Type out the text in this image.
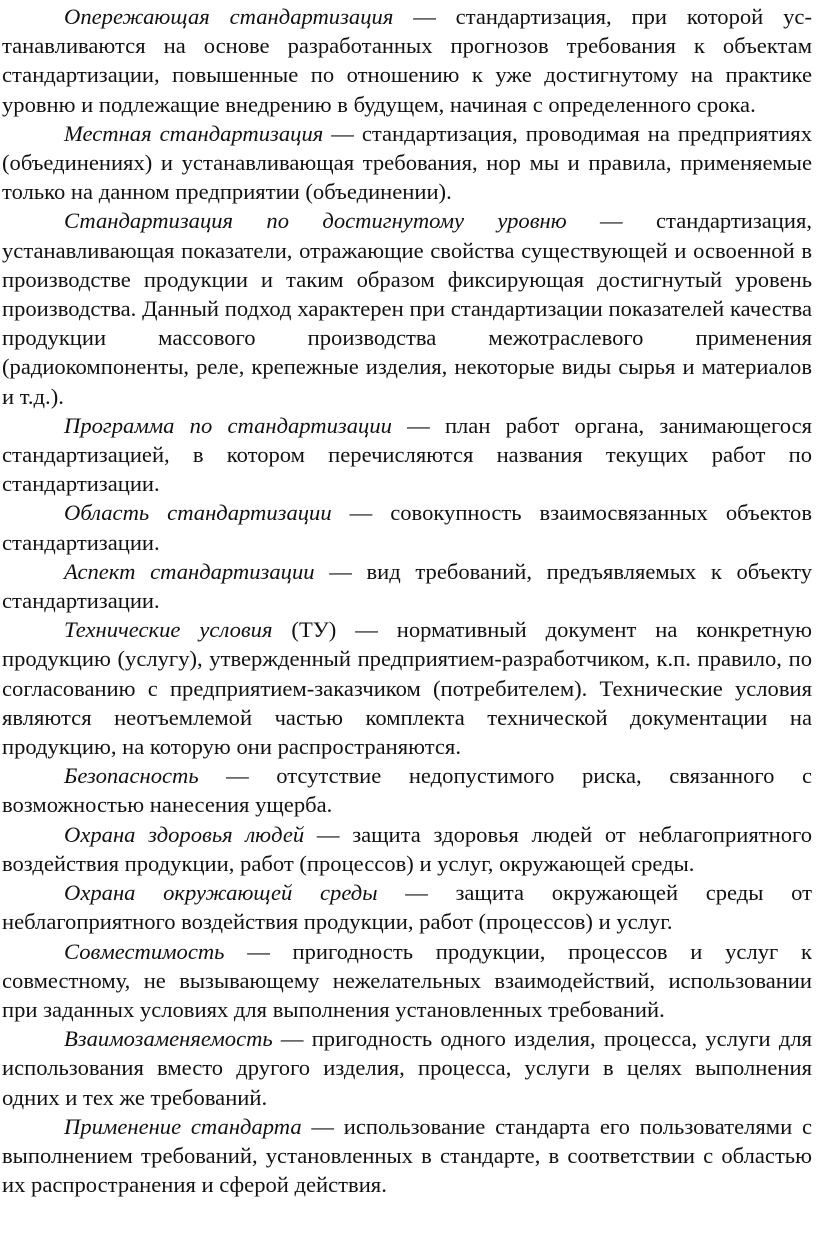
Опережающая стандартизация — стандартизация, при которой устанавливаются на основе разработанных прогнозов требования к объектам стандартизации, повышенные по отношению к уже достигнутому на практике уровню и подлежащие внедрению в будущем, начиная с определенного срока.

Местная стандартизация — стандартизация, проводимая на предприятиях (объединениях) и устанавливающая требования, нор мы и правила, применяемые только на данном предприятии (объединении).

Стандартизация по достигнутому уровню — стандартизация, устанавливающая показатели, отражающие свойства существующей и освоенной в производстве продукции и таким образом фиксирующая достигнутый уровень производства. Данный подход характерен при стандартизации показателей качества продукции массового производства межотраслевого применения (радиокомпоненты, реле, крепежные изделия, некоторые виды сырья и материалов и т.д.).

Программа по стандартизации — план работ органа, занимающегося стандартизацией, в котором перечисляются названия текущих работ по стандартизации.

Область стандартизации — совокупность взаимосвязанных объектов стандартизации.

Аспект стандартизации — вид требований, предъявляемых к объекту стандартизации.

Технические условия (ТУ) — нормативный документ на конкретную продукцию (услугу), утвержденный предприятием-разработчиком, к.п. правило, по согласованию с предприятием-заказчиком (потребителем). Технические условия являются неотъемлемой частью комплекта технической документации на продукцию, на которую они распространяются.

Безопасность — отсутствие недопустимого риска, связанного с возможностью нанесения ущерба.

Охрана здоровья людей — защита здоровья людей от неблагоприятного воздействия продукции, работ (процессов) и услуг, окружающей среды.

Охрана окружающей среды — защита окружающей среды от неблагоприятного воздействия продукции, работ (процессов) и услуг.

Совместимость — пригодность продукции, процессов и услуг к совместному, не вызывающему нежелательных взаимодействий, использовании при заданных условиях для выполнения установленных требований.

Взаимозаменяемость — пригодность одного изделия, процесса, услуги для использования вместо другого изделия, процесса, услуги в целях выполнения одних и тех же требований.

Применение стандарта — использование стандарта его пользователями с выполнением требований, установленных в стандарте, в соответствии с областью их распространения и сферой действия.
